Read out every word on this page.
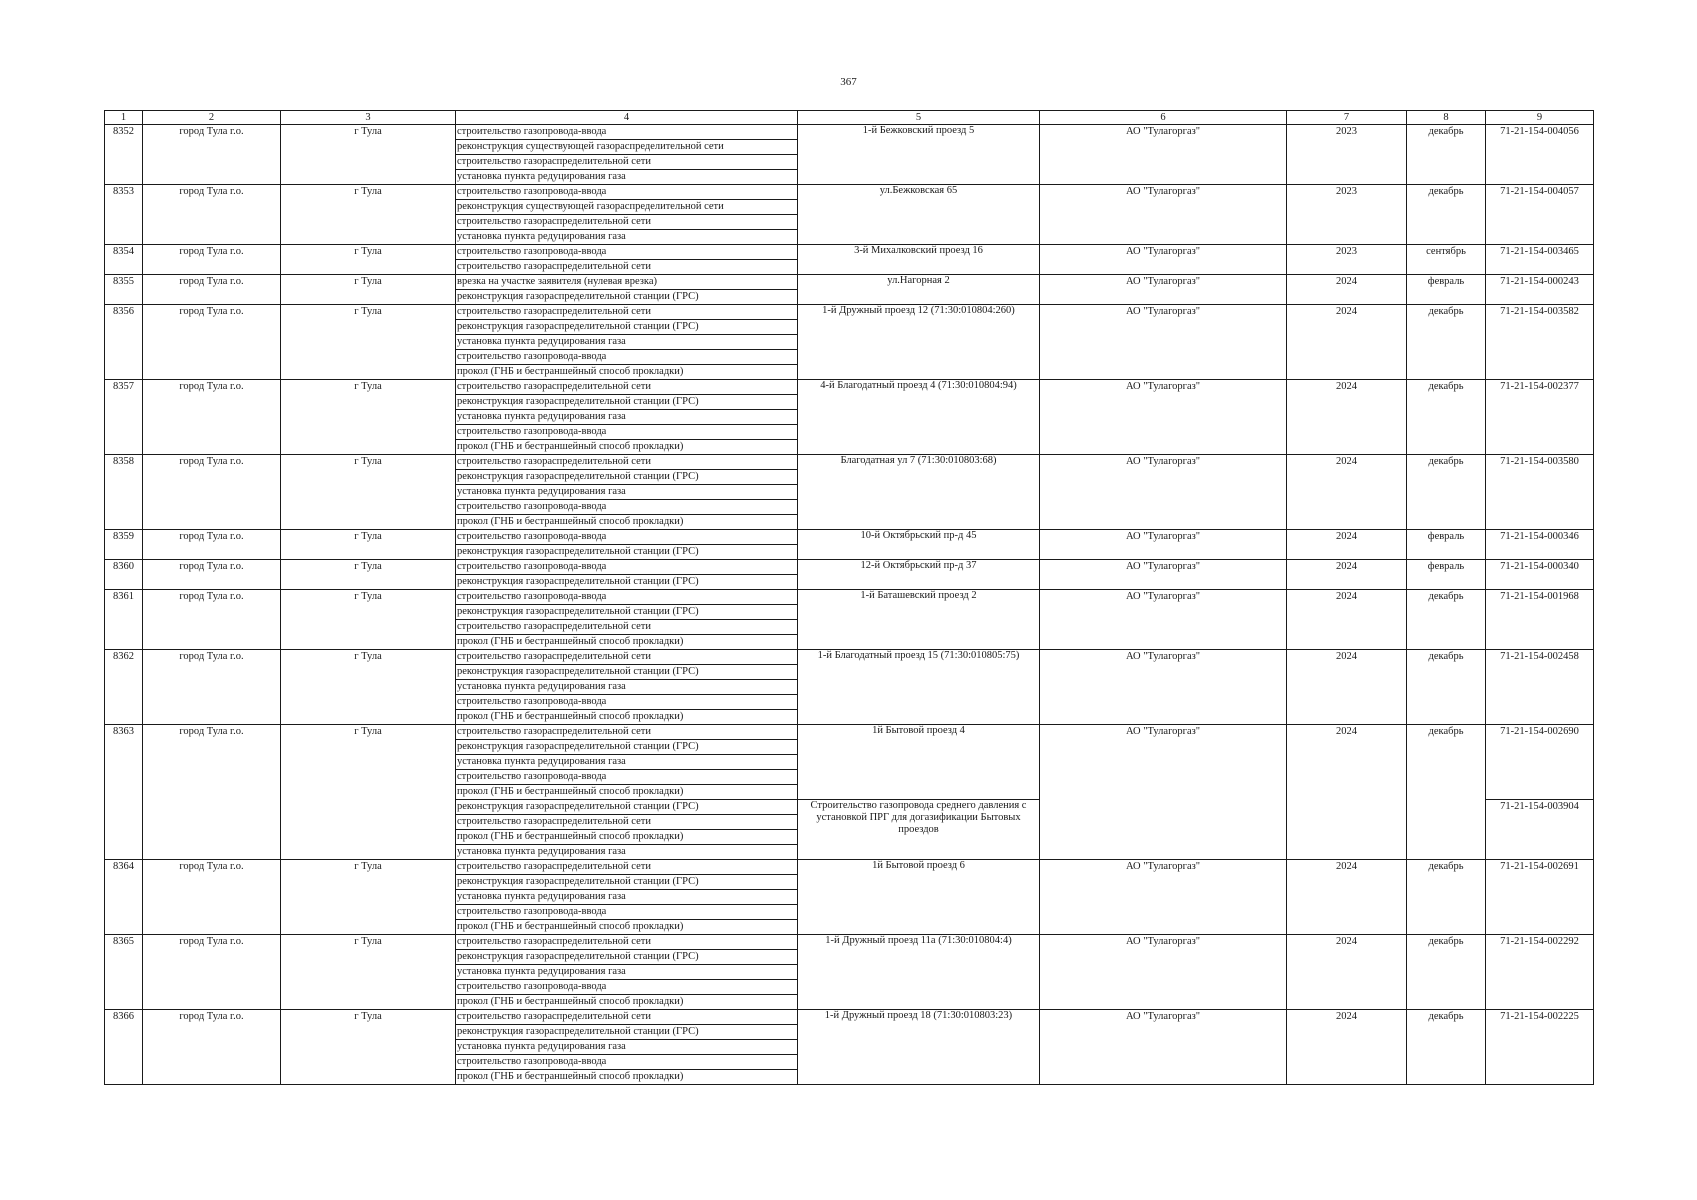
367
1	2	3	4	5	6	7	8	9
8352	город Тула г.о.	г Тула	строительство газопровода-ввода	1-й Бежковский проезд 5	АО "Тулагоргаз"	2023	декабрь	71-21-154-004056
			реконструкция существующей газораспределительной сети					
			строительство газораспределительной сети					
			установка пункта редуцирования газа					
8353	город Тула г.о.	г Тула	строительство газопровода-ввода	ул.Бежковская 65	АО "Тулагоргаз"	2023	декабрь	71-21-154-004057
			реконструкция существующей газораспределительной сети					
			строительство газораспределительной сети					
			установка пункта редуцирования газа					
8354	город Тула г.о.	г Тула	строительство газопровода-ввода	3-й Михалковский проезд 16	АО "Тулагоргаз"	2023	сентябрь	71-21-154-003465
			строительство газораспределительной сети					
8355	город Тула г.о.	г Тула	врезка на участке заявителя (нулевая врезка)	ул.Нагорная 2	АО "Тулагоргаз"	2024	февраль	71-21-154-000243
			реконструкция газораспределительной станции (ГРС)					
8356	город Тула г.о.	г Тула	строительство газораспределительной сети	1-й Дружный проезд 12 (71:30:010804:260)	АО "Тулагоргаз"	2024	декабрь	71-21-154-003582
			реконструкция газораспределительной станции (ГРС)					
			установка пункта редуцирования газа					
			строительство газопровода-ввода					
			прокол (ГНБ и бестраншейный способ прокладки)					
8357	город Тула г.о.	г Тула	строительство газораспределительной сети	4-й Благодатный проезд 4 (71:30:010804:94)	АО "Тулагоргаз"	2024	декабрь	71-21-154-002377
			реконструкция газораспределительной станции (ГРС)					
			установка пункта редуцирования газа					
			строительство газопровода-ввода					
			прокол (ГНБ и бестраншейный способ прокладки)					
8358	город Тула г.о.	г Тула	строительство газораспределительной сети	Благодатная ул 7 (71:30:010803:68)	АО "Тулагоргаз"	2024	декабрь	71-21-154-003580
			реконструкция газораспределительной станции (ГРС)					
			установка пункта редуцирования газа					
			строительство газопровода-ввода					
			прокол (ГНБ и бестраншейный способ прокладки)					
8359	город Тула г.о.	г Тула	строительство газопровода-ввода	10-й Октябрьский пр-д 45	АО "Тулагоргаз"	2024	февраль	71-21-154-000346
			реконструкция газораспределительной станции (ГРС)					
8360	город Тула г.о.	г Тула	строительство газопровода-ввода	12-й Октябрьский пр-д 37	АО "Тулагоргаз"	2024	февраль	71-21-154-000340
			реконструкция газораспределительной станции (ГРС)					
8361	город Тула г.о.	г Тула	строительство газопровода-ввода	1-й Баташевский проезд 2	АО "Тулагоргаз"	2024	декабрь	71-21-154-001968
			реконструкция газораспределительной станции (ГРС)					
			строительство газораспределительной сети					
			прокол (ГНБ и бестраншейный способ прокладки)					
8362	город Тула г.о.	г Тула	строительство газораспределительной сети	1-й Благодатный проезд 15 (71:30:010805:75)	АО "Тулагоргаз"	2024	декабрь	71-21-154-002458
			реконструкция газораспределительной станции (ГРС)					
			установка пункта редуцирования газа					
			строительство газопровода-ввода					
			прокол (ГНБ и бестраншейный способ прокладки)					
8363	город Тула г.о.	г Тула	строительство газораспределительной сети	1й Бытовой проезд 4	АО "Тулагоргаз"	2024	декабрь	71-21-154-002690
			реконструкция газораспределительной станции (ГРС)					
			установка пункта редуцирования газа					
			строительство газопровода-ввода					
			прокол (ГНБ и бестраншейный способ прокладки)					
			реконструкция газораспределительной станции (ГРС)	Строительство газопровода среднего давления с установкой ПРГ для догазификации Бытовых проездов				71-21-154-003904
			строительство газораспределительной сети					
			прокол (ГНБ и бестраншейный способ прокладки)					
			установка пункта редуцирования газа					
8364	город Тула г.о.	г Тула	строительство газораспределительной сети	1й Бытовой проезд 6	АО "Тулагоргаз"	2024	декабрь	71-21-154-002691
			реконструкция газораспределительной станции (ГРС)					
			установка пункта редуцирования газа					
			строительство газопровода-ввода					
			прокол (ГНБ и бестраншейный способ прокладки)					
8365	город Тула г.о.	г Тула	строительство газораспределительной сети	1-й Дружный проезд 11а (71:30:010804:4)	АО "Тулагоргаз"	2024	декабрь	71-21-154-002292
			реконструкция газораспределительной станции (ГРС)					
			установка пункта редуцирования газа					
			строительство газопровода-ввода					
			прокол (ГНБ и бестраншейный способ прокладки)					
8366	город Тула г.о.	г Тула	строительство газораспределительной сети	1-й Дружный проезд 18 (71:30:010803:23)	АО "Тулагоргаз"	2024	декабрь	71-21-154-002225
			реконструкция газораспределительной станции (ГРС)					
			установка пункта редуцирования газа					
			строительство газопровода-ввода					
			прокол (ГНБ и бестраншейный способ прокладки)					
